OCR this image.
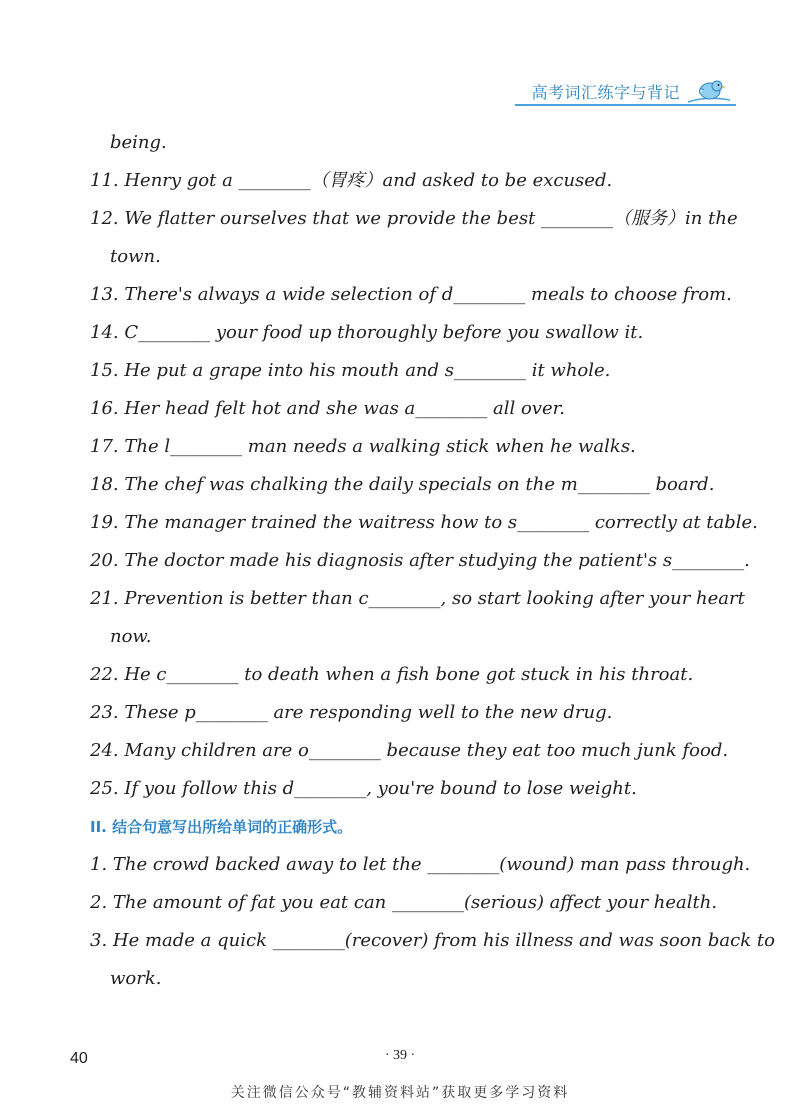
高考词汇练字与背记
being.
11. Henry got a ________（胃疼）and asked to be excused.
12. We flatter ourselves that we provide the best ________（服务）in the
town.
13. There's always a wide selection of d________ meals to choose from.
14. C________ your food up thoroughly before you swallow it.
15. He put a grape into his mouth and s________ it whole.
16. Her head felt hot and she was a________ all over.
17. The l________ man needs a walking stick when he walks.
18. The chef was chalking the daily specials on the m________ board.
19. The manager trained the waitress how to s________ correctly at table.
20. The doctor made his diagnosis after studying the patient's s________.
21. Prevention is better than c________, so start looking after your heart
now.
22. He c________ to death when a fish bone got stuck in his throat.
23. These p________ are responding well to the new drug.
24. Many children are o________ because they eat too much junk food.
25. If you follow this d________, you're bound to lose weight.
II. 结合句意写出所给单词的正确形式。
1. The crowd backed away to let the ________(wound) man pass through.
2. The amount of fat you eat can ________(serious) affect your health.
3. He made a quick ________(recover) from his illness and was soon back to
work.
40	· 39 ·
关注微信公众号“教辅资料站”获取更多学习资料
